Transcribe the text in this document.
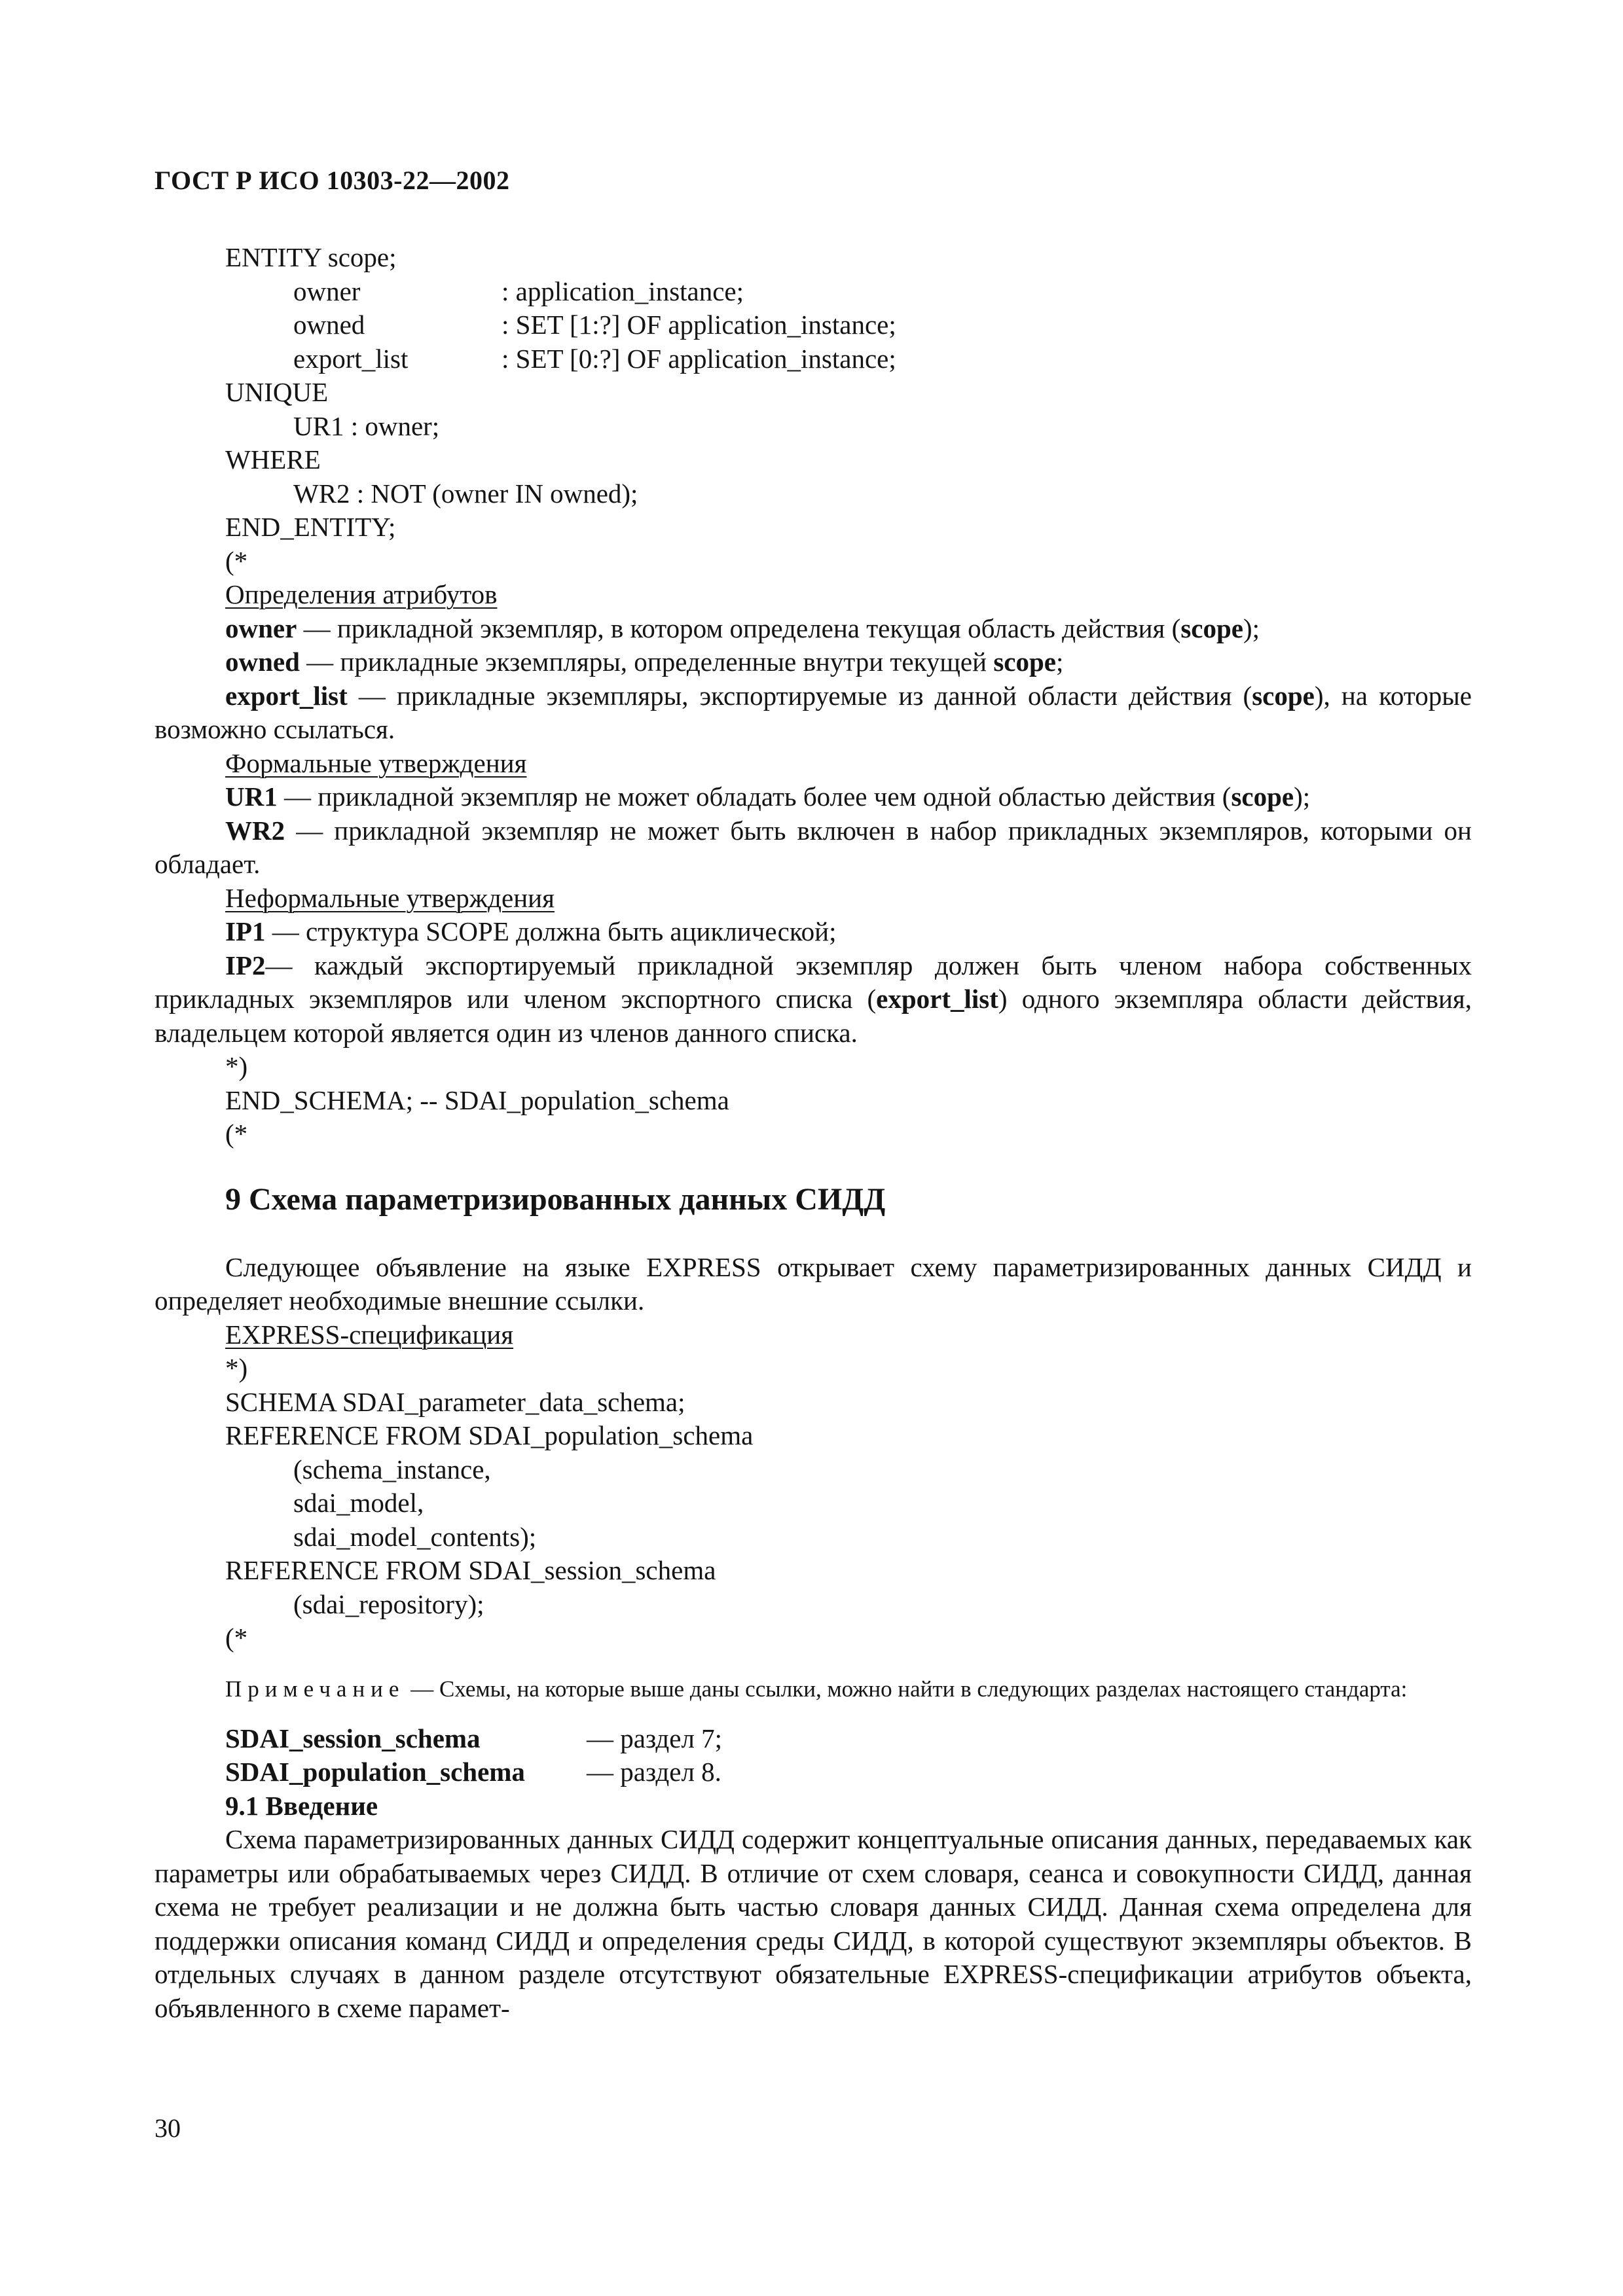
ГОСТ Р ИСО 10303-22—2002
ENTITY scope;
owner	: application_instance;
owned	: SET [1:?] OF application_instance;
export_list	: SET [0:?] OF application_instance;
UNIQUE
UR1 : owner;
WHERE
WR2 : NOT (owner IN owned);
END_ENTITY;
(*
Определения атрибутов
owner — прикладной экземпляр, в котором определена текущая область действия (scope);
owned — прикладные экземпляры, определенные внутри текущей scope;
export_list — прикладные экземпляры, экспортируемые из данной области действия (scope), на которые возможно ссылаться.
Формальные утверждения
UR1 — прикладной экземпляр не может обладать более чем одной областью действия (scope);
WR2 — прикладной экземпляр не может быть включен в набор прикладных экземпляров, которыми он обладает.
Неформальные утверждения
IP1 — структура SCOPE должна быть ациклической;
IP2— каждый экспортируемый прикладной экземпляр должен быть членом набора собственных прикладных экземпляров или членом экспортного списка (export_list) одного экземпляра области действия, владельцем которой является один из членов данного списка.
*)
END_SCHEMA; -- SDAI_population_schema
(*
9 Схема параметризированных данных СИДД
Следующее объявление на языке EXPRESS открывает схему параметризированных данных СИДД и определяет необходимые внешние ссылки.
EXPRESS-спецификация
*)
SCHEMA SDAI_parameter_data_schema;
REFERENCE FROM SDAI_population_schema
(schema_instance,
sdai_model,
sdai_model_contents);
REFERENCE FROM SDAI_session_schema
(sdai_repository);
(*
Примечание — Схемы, на которые выше даны ссылки, можно найти в следующих разделах настоящего стандарта:
SDAI_session_schema	— раздел 7;
SDAI_population_schema — раздел 8.
9.1 Введение
Схема параметризированных данных СИДД содержит концептуальные описания данных, передаваемых как параметры или обрабатываемых через СИДД. В отличие от схем словаря, сеанса и совокупности СИДД, данная схема не требует реализации и не должна быть частью словаря данных СИДД. Данная схема определена для поддержки описания команд СИДД и определения среды СИДД, в которой существуют экземпляры объектов. В отдельных случаях в данном разделе отсутствуют обязательные EXPRESS-спецификации атрибутов объекта, объявленного в схеме парамет-
30
